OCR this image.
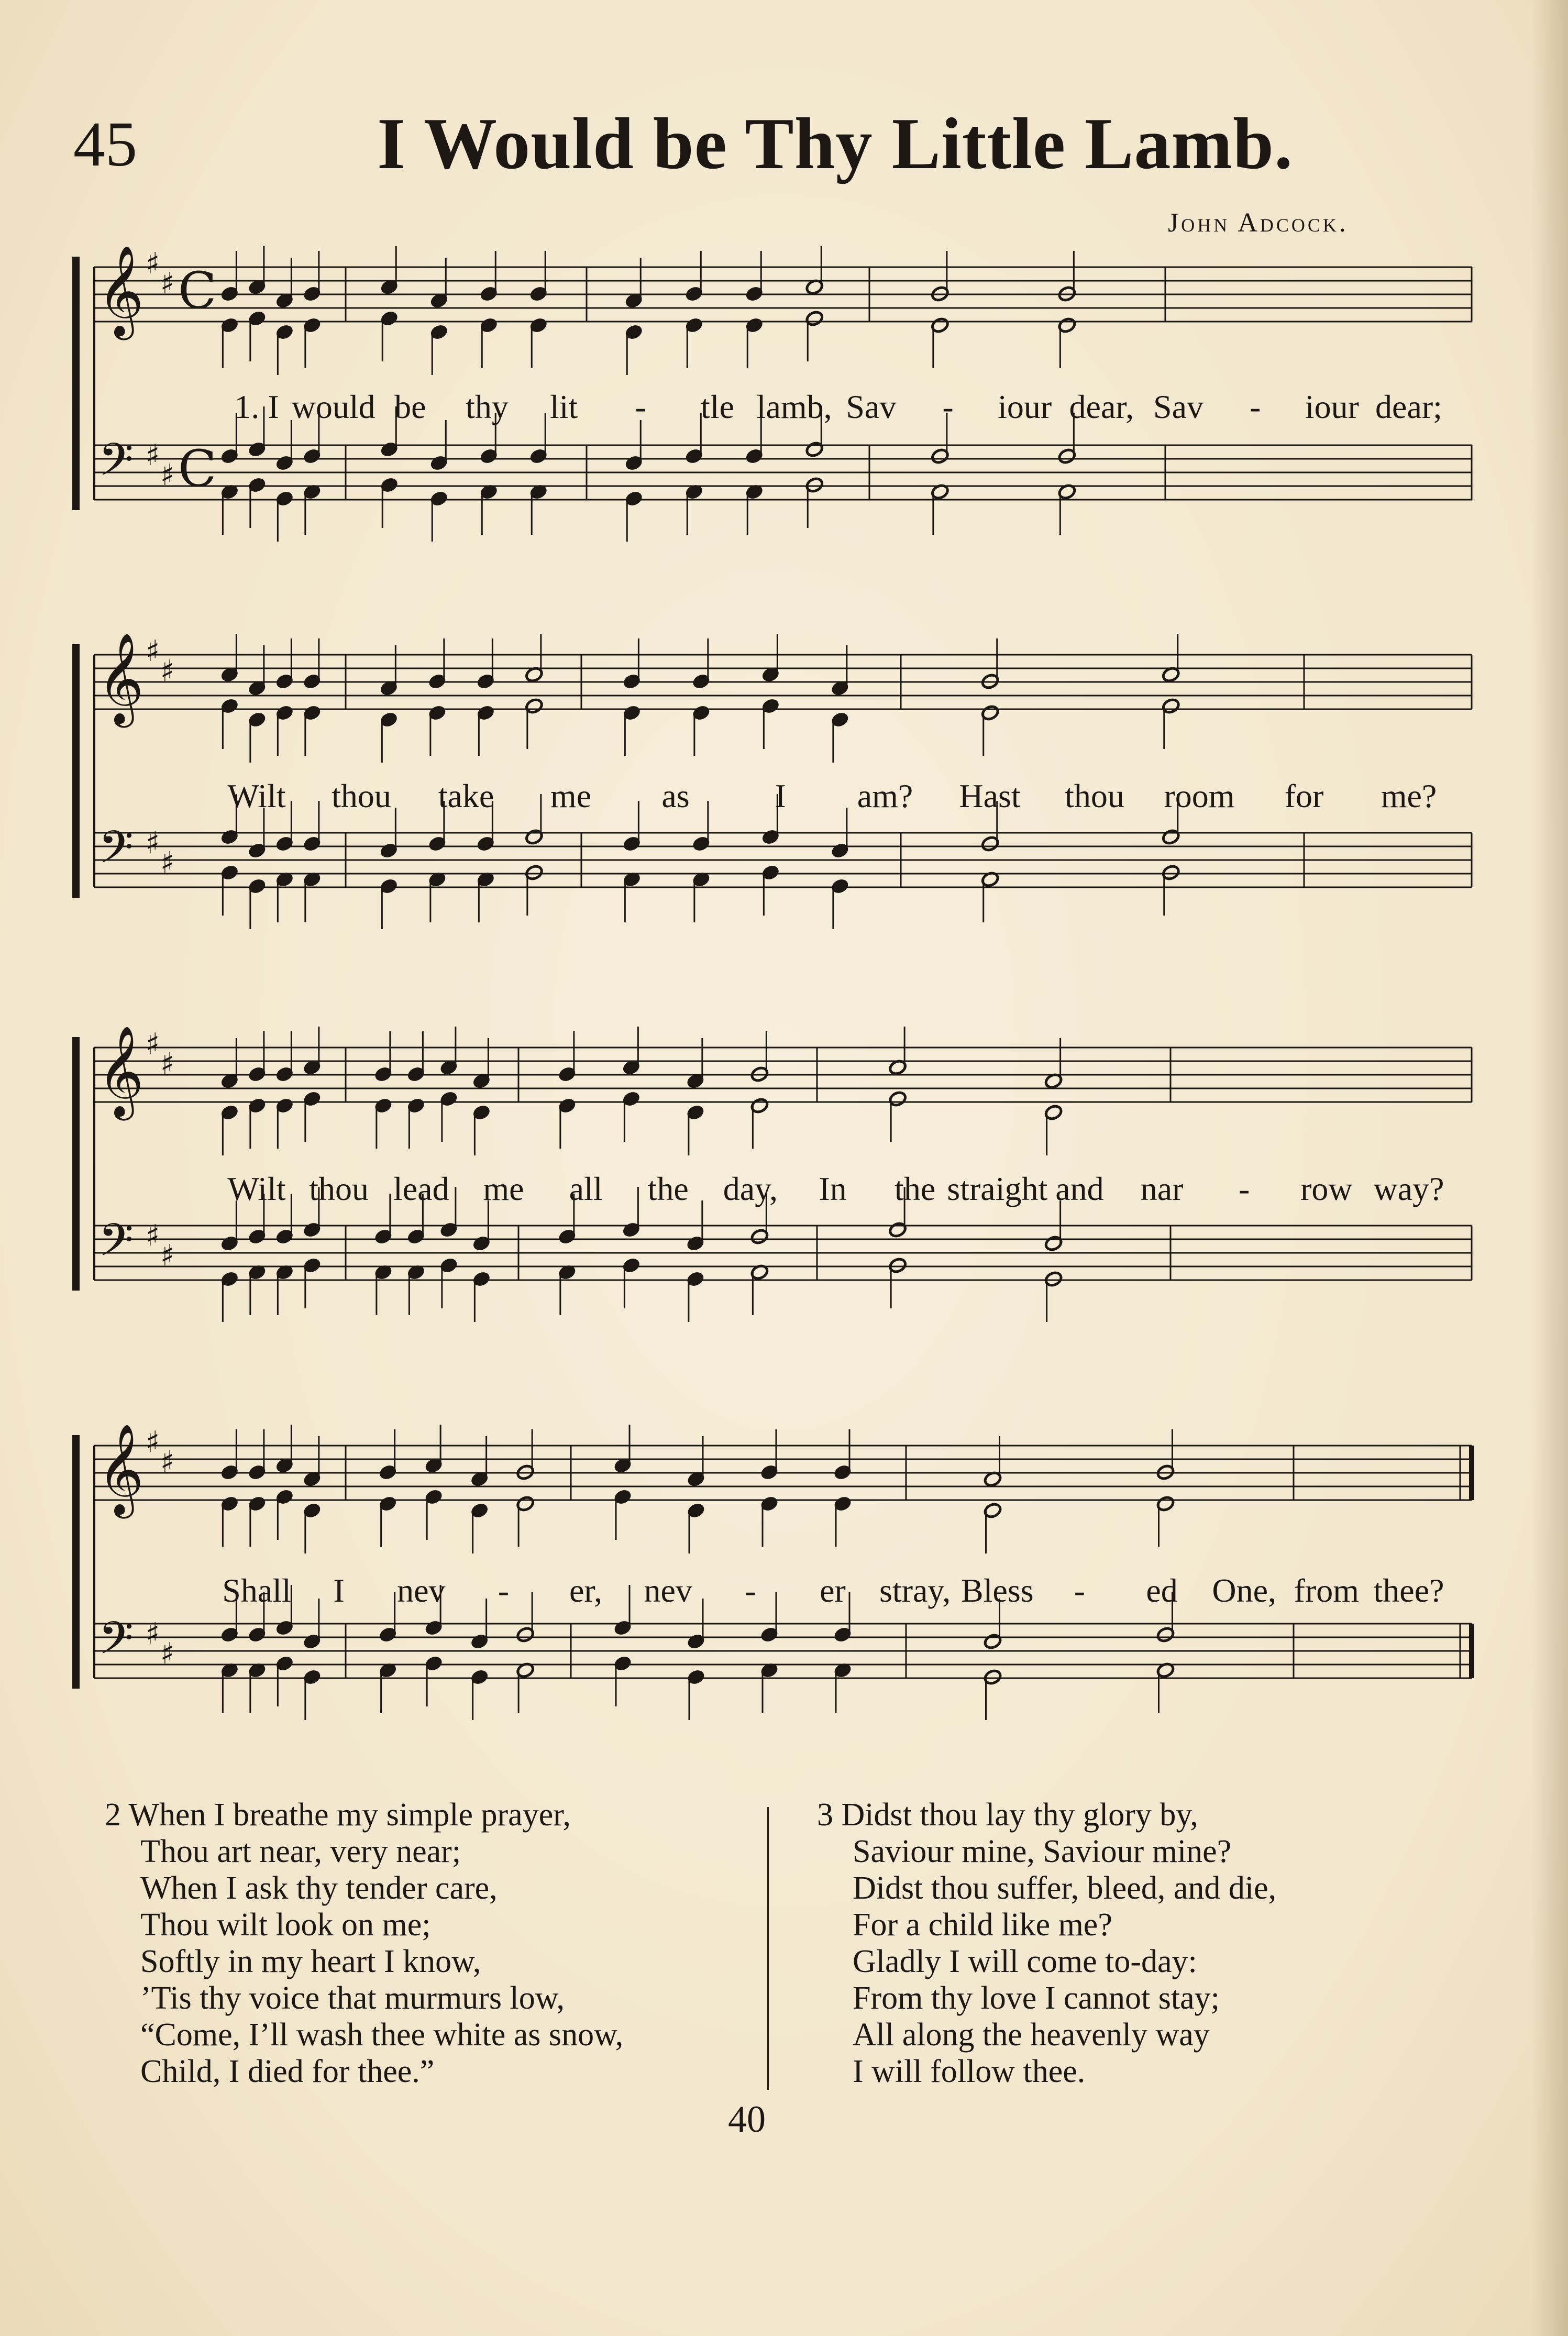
45	I Would be Thy Little Lamb.
John Adcock.
𝄞
𝄢
♯
♯
♯
♯
C
C
1. I would be thy lit - tle lamb, Sav - iour dear, Sav - iour dear;
𝄞
𝄢
♯
♯
♯
♯
Wilt thou take me as	I am? Hast thou room for me?
𝄞
𝄢
♯
♯
♯
♯
Wilt thou lead me all the day, In the straight and nar - row way?
𝄞
𝄢
♯
♯
♯
♯
Shall I nev - er, nev - er stray, Bless - ed One, from thee?
2 When I breathe my simple prayer,
Thou art near, very near;
When I ask thy tender care,
Thou wilt look on me;
Softly in my heart I know,
’Tis thy voice that murmurs low,
“Come, I’ll wash thee white as snow,
Child, I died for thee.”
3 Didst thou lay thy glory by,
Saviour mine, Saviour mine?
Didst thou suffer, bleed, and die,
For a child like me?
Gladly I will come to-day:
From thy love I cannot stay;
All along the heavenly way
I will follow thee.
40
